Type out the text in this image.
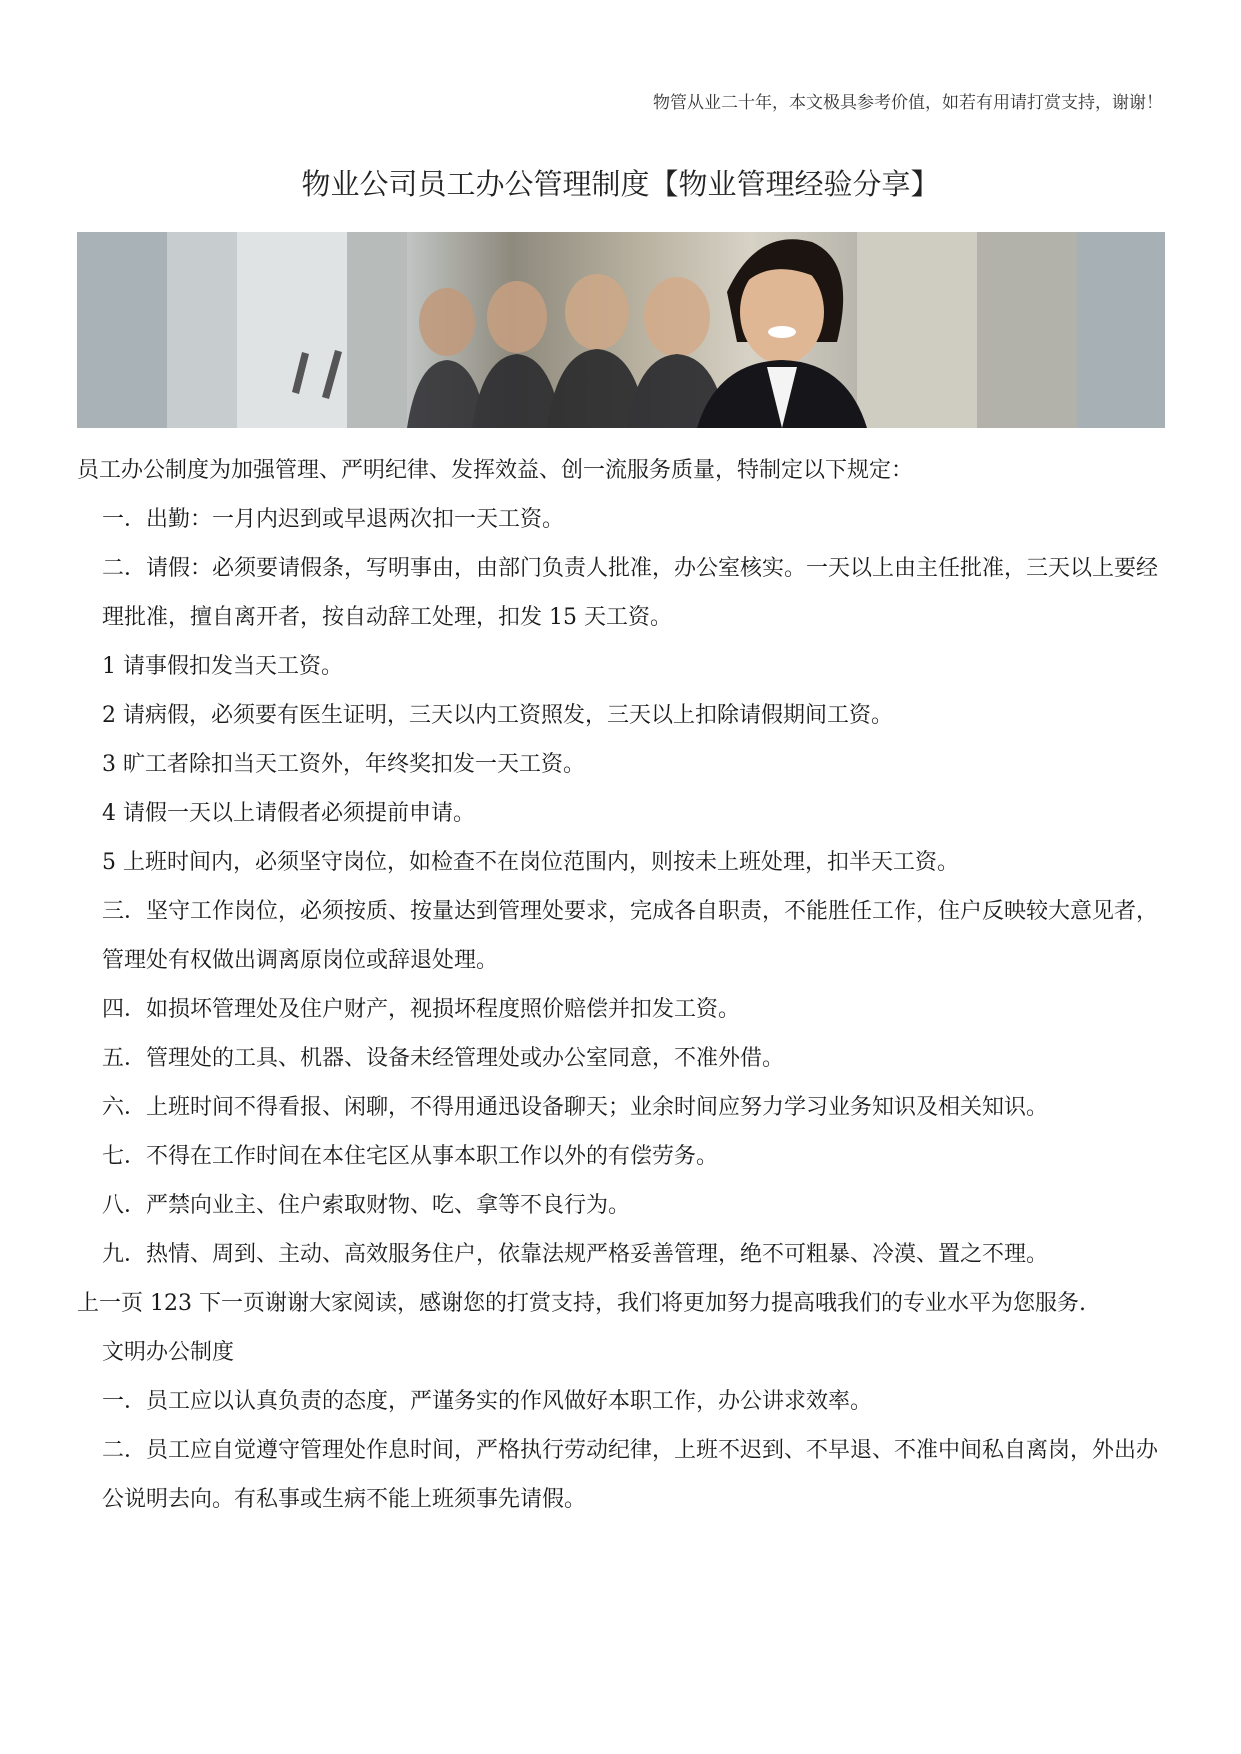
物管从业二十年，本文极具参考价值，如若有用请打赏支持，谢谢！
物业公司员工办公管理制度【物业管理经验分享】

员工办公制度为加强管理、严明纪律、发挥效益、创一流服务质量，特制定以下规定：

一．出勤：一月内迟到或早退两次扣一天工资。

二．请假：必须要请假条，写明事由，由部门负责人批准，办公室核实。一天以上由主任批准，三天以上要经理批准，擅自离开者，按自动辞工处理，扣发 15 天工资。

1 请事假扣发当天工资。

2 请病假，必须要有医生证明，三天以内工资照发，三天以上扣除请假期间工资。

3 旷工者除扣当天工资外，年终奖扣发一天工资。

4 请假一天以上请假者必须提前申请。

5 上班时间内，必须坚守岗位，如检查不在岗位范围内，则按未上班处理，扣半天工资。

三．坚守工作岗位，必须按质、按量达到管理处要求，完成各自职责，不能胜任工作，住户反映较大意见者，管理处有权做出调离原岗位或辞退处理。

四．如损坏管理处及住户财产，视损坏程度照价赔偿并扣发工资。

五．管理处的工具、机器、设备未经管理处或办公室同意，不准外借。

六．上班时间不得看报、闲聊，不得用通迅设备聊天；业余时间应努力学习业务知识及相关知识。

七．不得在工作时间在本住宅区从事本职工作以外的有偿劳务。

八．严禁向业主、住户索取财物、吃、拿等不良行为。

九．热情、周到、主动、高效服务住户，依靠法规严格妥善管理，绝不可粗暴、冷漠、置之不理。

上一页 123 下一页谢谢大家阅读，感谢您的打赏支持，我们将更加努力提高哦我们的专业水平为您服务.

文明办公制度

一．员工应以认真负责的态度，严谨务实的作风做好本职工作，办公讲求效率。

二．员工应自觉遵守管理处作息时间，严格执行劳动纪律，上班不迟到、不早退、不准中间私自离岗，外出办公说明去向。有私事或生病不能上班须事先请假。
